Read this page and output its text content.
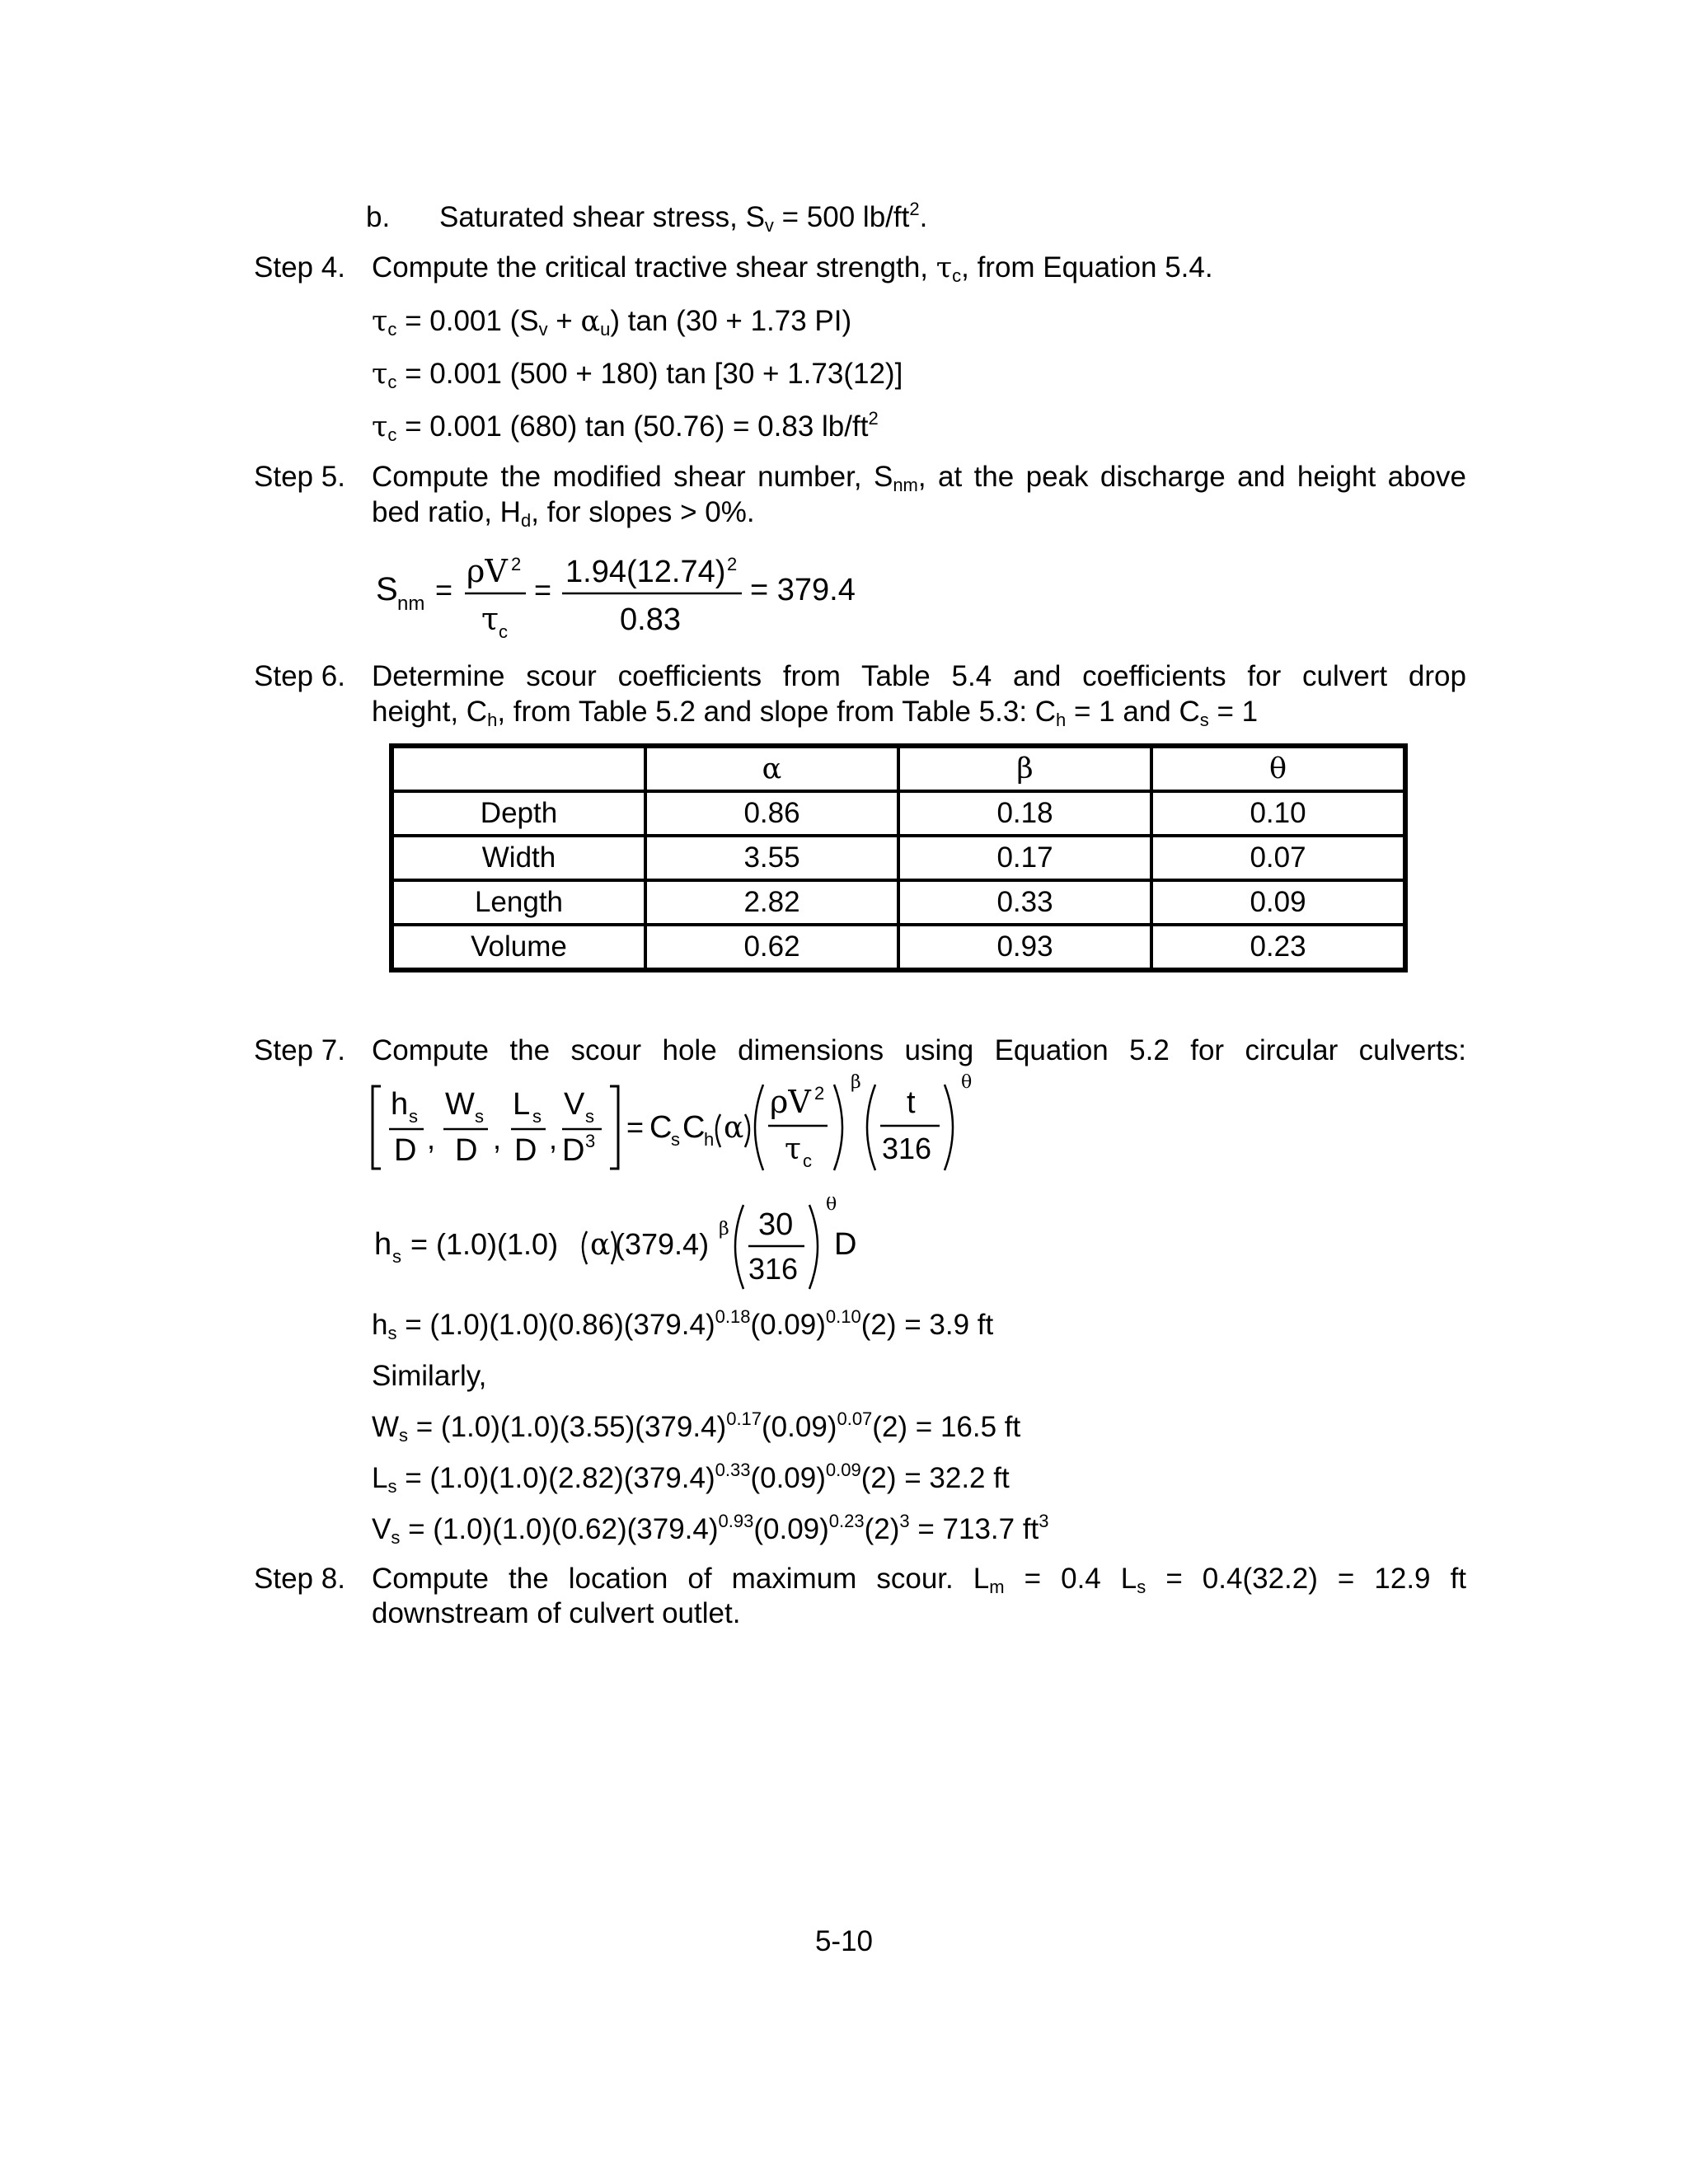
b. Saturated shear stress, $S_v = 500$ $lb/ft^2$.
Step 4. Compute the critical tractive shear strength, $\tau_c$, from Equation 5.4.
$\tau_c = 0.001$ $(S_v + \alpha_u)$ tan (30 + 1.73 PI)
$\tau_c = 0.001$ (500 + 180) tan [30 + 1.73(12)]
$\tau_c = 0.001$ (680) tan (50.76) = 0.83 $lb/ft^2$
Step 5. Compute the modified shear number, $S_{nm}$, at the peak discharge and height above
bed ratio, $H_d$, for slopes > 0%.
S nm =
ρV 2
τ c
=
1.94(12.74) 2
0.83
= 379.4
Step 6. Determine scour coefficients from Table 5.4 and coefficients for culvert drop
height, $C_h$, from Table 5.2 and slope from Table 5.3: $C_h = 1$ and $C_s = 1$
	α	β	θ
Depth	0.86	0.18	0.10
Width	3.55	0.17	0.07
Length	2.82	0.33	0.09
Volume	0.62	0.93	0.23
Step 7. Compute the scour hole dimensions using Equation 5.2 for circular culverts:
h s
D ,
W s
D ,
L s
D ,
V s
D 3 = C
s C
h α
ρV 2
τ c
β
t
316
θ
h s = (1.0)(1.0) α (379.4) β 30
316
θ
D
$h_s = (1.0)(1.0)(0.86)(379.4)^{0.18}(0.09)^{0.10}(2) = 3.9$ ft
Similarly,
$W_s = (1.0)(1.0)(3.55)(379.4)^{0.17}(0.09)^{0.07}(2) = 16.5$ ft
$L_s = (1.0)(1.0)(2.82)(379.4)^{0.33}(0.09)^{0.09}(2) = 32.2$ ft
$V_s = (1.0)(1.0)(0.62)(379.4)^{0.93}(0.09)^{0.23}(2)^3 = 713.7$ $ft^3$
Step 8. Compute the location of maximum scour. $L_m = 0.4$ $L_s = 0.4(32.2) = 12.9$ ft
downstream of culvert outlet.
5-10
